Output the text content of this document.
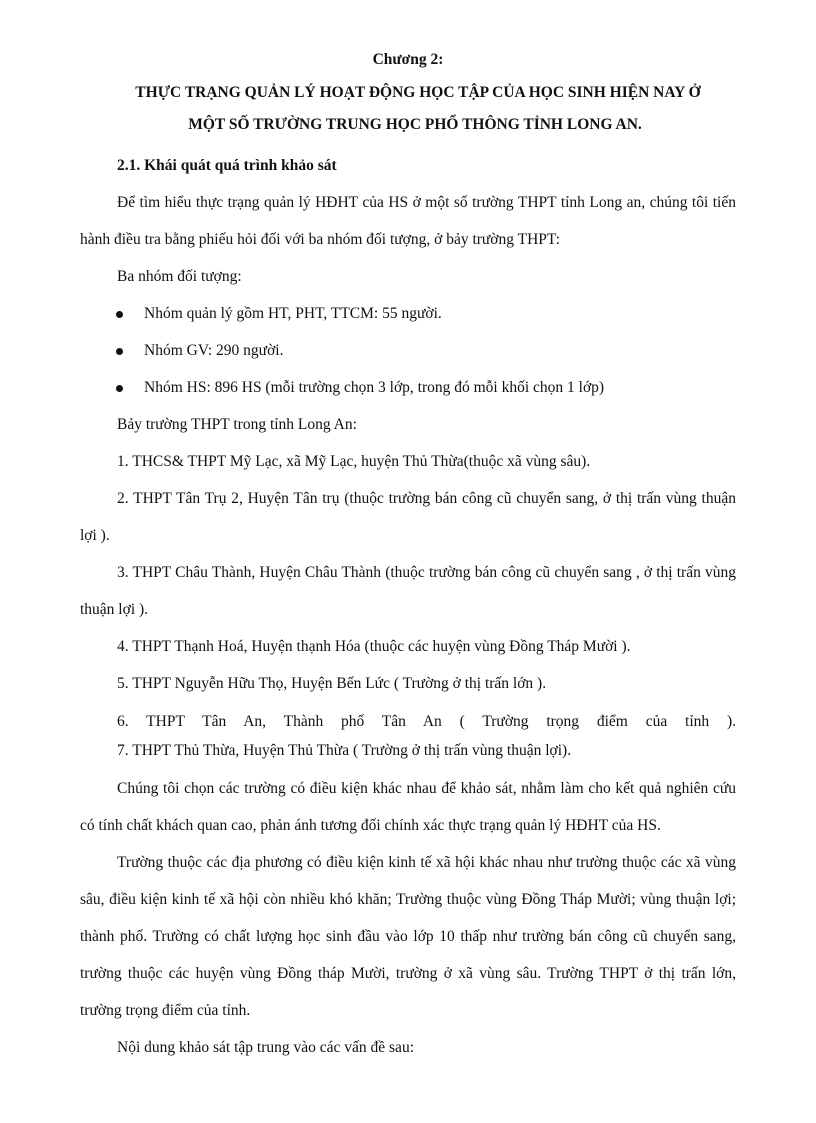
Chương 2:
THỰC TRẠNG QUẢN LÝ HOẠT ĐỘNG HỌC TẬP CỦA HỌC SINH HIỆN NAY Ở
MỘT SỐ TRƯỜNG TRUNG HỌC PHỔ THÔNG TỈNH LONG AN.

2.1. Khái quát quá trình khảo sát

Để tìm hiểu thực trạng quản lý HĐHT của HS ở một số trường THPT tỉnh Long an, chúng tôi tiến hành điều tra bằng phiếu hỏi đối với ba nhóm đối tượng, ở bảy trường THPT:

Ba nhóm đối tượng:

Nhóm quản lý gồm HT, PHT, TTCM: 55 người.
Nhóm GV: 290 người.
Nhóm HS: 896 HS (mỗi trường chọn 3 lớp, trong đó mỗi khối chọn 1 lớp)

Bảy trường THPT trong tỉnh Long An:

1. THCS& THPT Mỹ Lạc, xã Mỹ Lạc, huyện Thủ Thừa(thuộc xã vùng sâu).

2. THPT Tân Trụ 2, Huyện Tân trụ (thuộc trường bán công cũ chuyển sang, ở thị trấn vùng thuận lợi ).

3. THPT Châu Thành, Huyện Châu Thành (thuộc trường bán công cũ chuyển sang , ở thị trấn vùng thuận lợi ).

4. THPT Thạnh Hoá, Huyện thạnh Hóa (thuộc các huyện vùng Đồng Tháp Mười ).

5. THPT Nguyễn Hữu Thọ, Huyện Bến Lức ( Trường ở thị trấn lớn ).

6. THPT Tân An, Thành phố Tân An ( Trường trọng điểm của tỉnh ).

7. THPT Thủ Thừa, Huyện Thủ Thừa ( Trường ở thị trấn vùng thuận lợi).

Chúng tôi chọn các trường có điều kiện khác nhau để khảo sát, nhằm làm cho kết quả nghiên cứu có tính chất khách quan cao, phản ánh tương đối chính xác thực trạng quản lý HĐHT của HS.

Trường thuộc các địa phương có điều kiện kinh tế xã hội khác nhau như trường thuộc các xã vùng sâu, điều kiện kinh tế xã hội còn nhiều khó khăn; Trường thuộc vùng Đồng Tháp Mười; vùng thuận lợi; thành phố. Trường có chất lượng học sinh đầu vào lớp 10 thấp như trường bán công cũ chuyển sang, trường thuộc các huyện vùng Đồng tháp Mười, trường ở xã vùng sâu. Trường THPT ở thị trấn lớn, trường trọng điểm của tỉnh.

Nội dung khảo sát tập trung vào các vấn đề sau:
